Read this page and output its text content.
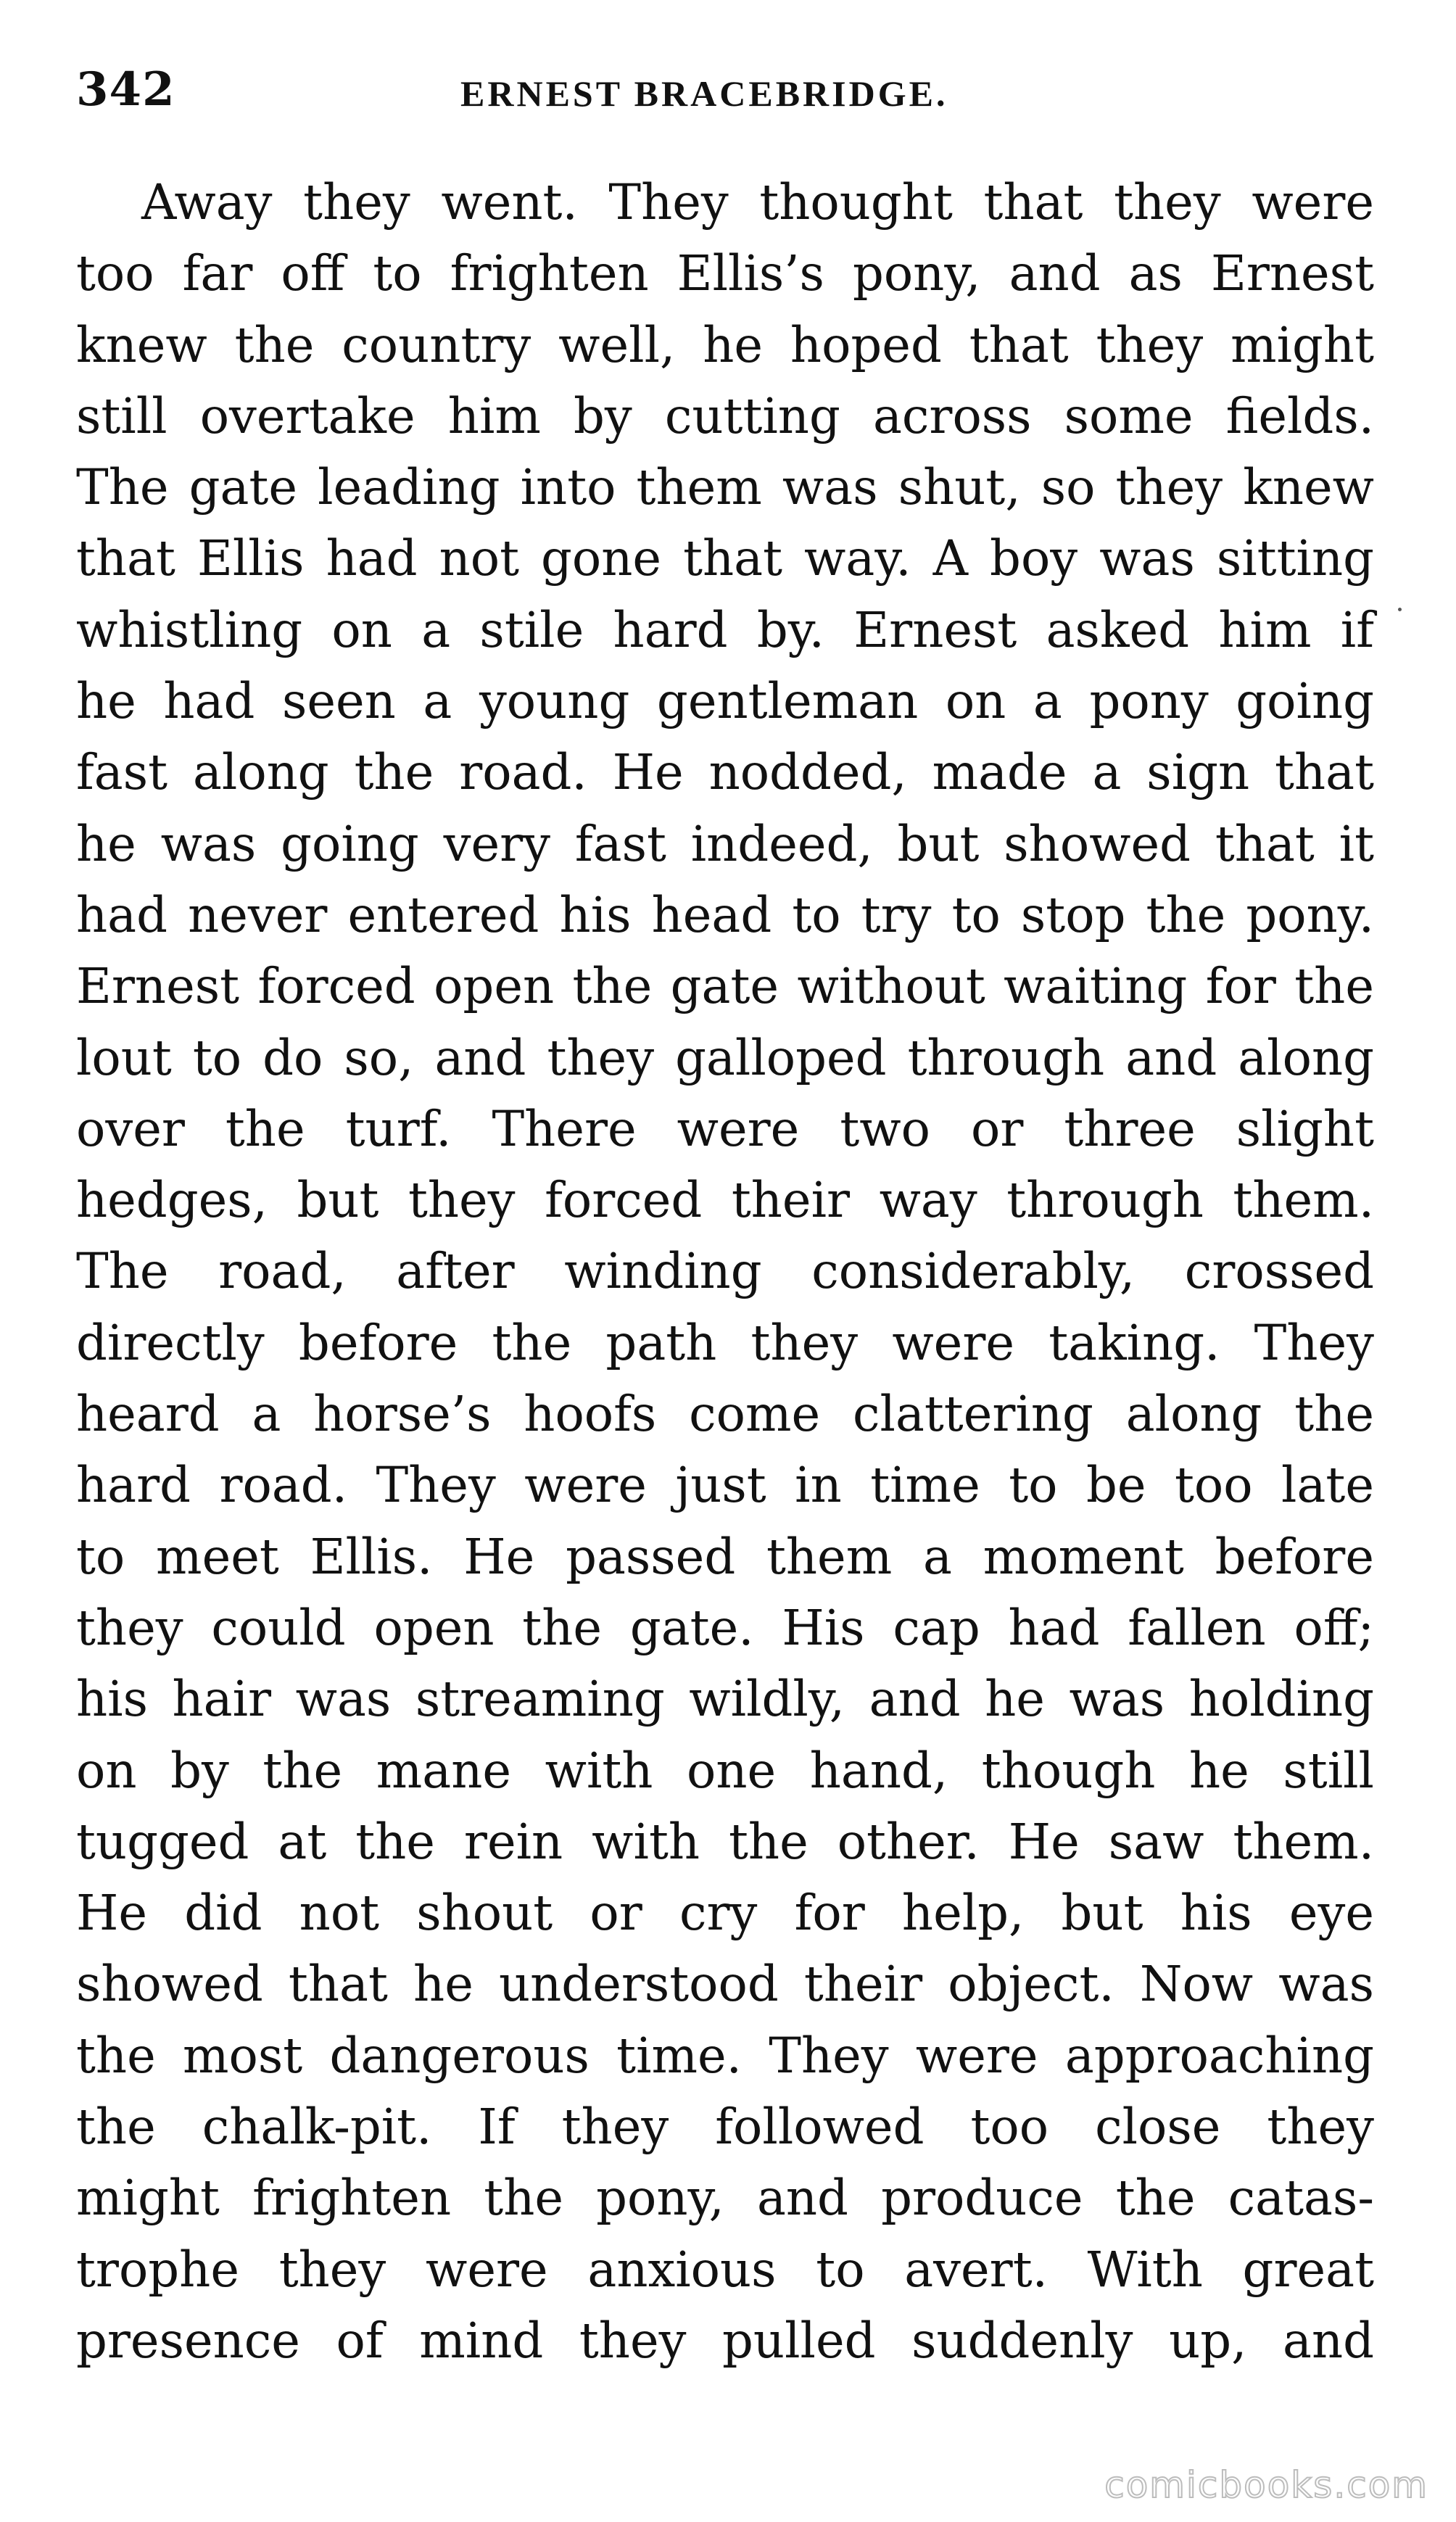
342	ERNEST BRACEBRIDGE.
Away they went. They thought that they were
too far off to frighten Ellis’s pony, and as Ernest
knew the country well, he hoped that they might
still overtake him by cutting across some fields.
The gate leading into them was shut, so they knew
that Ellis had not gone that way. A boy was sitting
whistling on a stile hard by. Ernest asked him if
he had seen a young gentleman on a pony going
fast along the road. He nodded, made a sign that
he was going very fast indeed, but showed that it
had never entered his head to try to stop the pony.
Ernest forced open the gate without waiting for the
lout to do so, and they galloped through and along
over the turf. There were two or three slight
hedges, but they forced their way through them.
The road, after winding considerably, crossed
directly before the path they were taking. They
heard a horse’s hoofs come clattering along the
hard road. They were just in time to be too late
to meet Ellis. He passed them a moment before
they could open the gate. His cap had fallen off;
his hair was streaming wildly, and he was holding
on by the mane with one hand, though he still
tugged at the rein with the other. He saw them.
He did not shout or cry for help, but his eye
showed that he understood their object. Now was
the most dangerous time. They were approaching
the chalk-pit. If they followed too close they
might frighten the pony, and produce the catas-
trophe they were anxious to avert. With great
presence of mind they pulled suddenly up, and
comicbooks.com
